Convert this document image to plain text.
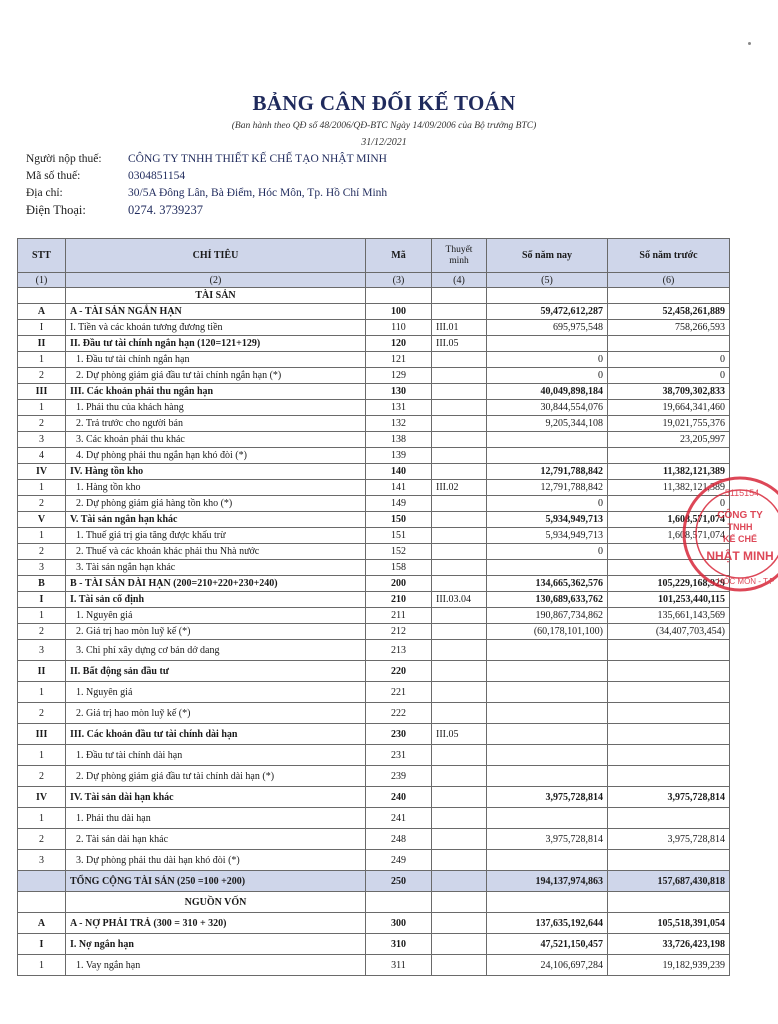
BẢNG CÂN ĐỐI KẾ TOÁN
(Ban hành theo QĐ số 48/2006/QĐ-BTC Ngày 14/09/2006 của Bộ trưởng BTC)
31/12/2021
Người nộp thuế:	CÔNG TY TNHH THIẾT KẾ CHẾ TẠO NHẬT MINH
Mã số thuế:	0304851154
Địa chỉ:	30/5A Đông Lân, Bà Điểm, Hóc Môn, Tp. Hồ Chí Minh
Điện Thoại:	0274. 3739237
STT	CHỈ TIÊU	Mã	Thuyết minh	Số năm nay	Số năm trước
(1)	(2)	(3)	(4)	(5)	(6)
	TÀI SẢN				
A	A - TÀI SẢN NGẮN HẠN	100		59,472,612,287	52,458,261,889
I	I. Tiền và các khoản tương đương tiền	110	III.01	695,975,548	758,266,593
II	II. Đầu tư tài chính ngắn hạn (120=121+129)	120	III.05		
1	1. Đầu tư tài chính ngắn hạn	121		0	0
2	2. Dự phòng giảm giá đầu tư tài chính ngắn hạn (*)	129		0	0
III	III. Các khoản phải thu ngắn hạn	130		40,049,898,184	38,709,302,833
1	1. Phải thu của khách hàng	131		30,844,554,076	19,664,341,460
2	2. Trả trước cho người bán	132		9,205,344,108	19,021,755,376
3	3. Các khoản phải thu khác	138			23,205,997
4	4. Dự phòng phải thu ngắn hạn khó đòi (*)	139			
IV	IV. Hàng tồn kho	140		12,791,788,842	11,382,121,389
1	1. Hàng tồn kho	141	III.02	12,791,788,842	11,382,121,389
2	2. Dự phòng giảm giá hàng tồn kho (*)	149		0	0
V	V. Tài sản ngắn hạn khác	150		5,934,949,713	1,608,571,074
1	1. Thuế giá trị gia tăng được khấu trừ	151		5,934,949,713	1,608,571,074
2	2. Thuế và các khoản khác phải thu Nhà nước	152		0	
3	3. Tài sản ngắn hạn khác	158			
B	B - TÀI SẢN DÀI HẠN (200=210+220+230+240)	200		134,665,362,576	105,229,168,929
I	I. Tài sản cố định	210	III.03.04	130,689,633,762	101,253,440,115
1	1. Nguyên giá	211		190,867,734,862	135,661,143,569
2	2. Giá trị hao mòn luỹ kế (*)	212		(60,178,101,100)	(34,407,703,454)
3	3. Chi phí xây dựng cơ bản dở dang	213			
II	II. Bất động sản đầu tư	220			
1	1. Nguyên giá	221			
2	2. Giá trị hao mòn luỹ kế (*)	222			
III	III. Các khoản đầu tư tài chính dài hạn	230	III.05		
1	1. Đầu tư tài chính dài hạn	231			
2	2. Dự phòng giảm giá đầu tư tài chính dài hạn (*)	239			
IV	IV. Tài sản dài hạn khác	240		3,975,728,814	3,975,728,814
1	1. Phải thu dài hạn	241			
2	2. Tài sản dài hạn khác	248		3,975,728,814	3,975,728,814
3	3. Dự phòng phải thu dài hạn khó đòi (*)	249			
	TỔNG CỘNG TÀI SẢN (250 =100 +200)	250		194,137,974,863	157,687,430,818
	NGUỒN VỐN				
A	A - NỢ PHẢI TRẢ (300 = 310 + 320)	300		137,635,192,644	105,518,391,054
I	I. Nợ ngắn hạn	310		47,521,150,457	33,726,423,198
1	1. Vay ngắn hạn	311		24,106,697,284	19,182,939,239
5115154
CÔNG TY
TNHH
KẾ CHẾ
NHẬT MINH
HÓC MÔN - T.P
